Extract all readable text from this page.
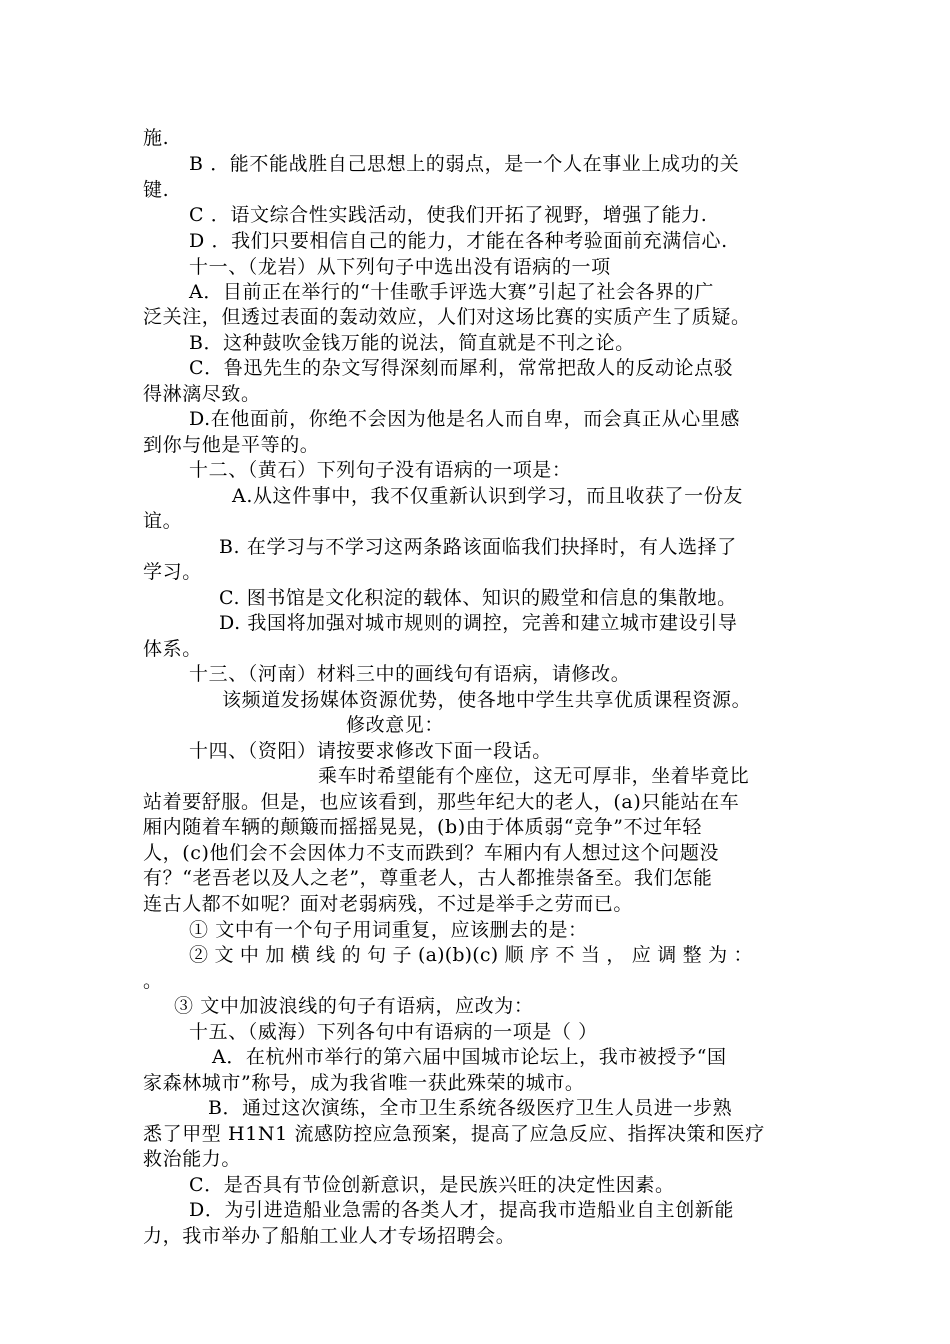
施.
B ．能不能战胜自己思想上的弱点，是一个人在事业上成功的关
键.
C ．语文综合性实践活动，使我们开拓了视野，增强了能力.
D ．我们只要相信自己的能力，才能在各种考验面前充满信心.
十一、（龙岩）从下列句子中选出没有语病的一项
A．目前正在举行的“十佳歌手评选大赛”引起了社会各界的广
泛关注，但透过表面的轰动效应，人们对这场比赛的实质产生了质疑。
B．这种鼓吹金钱万能的说法，简直就是不刊之论。
C．鲁迅先生的杂文写得深刻而犀利，常常把敌人的反动论点驳
得淋漓尽致。
D.在他面前，你绝不会因为他是名人而自卑，而会真正从心里感
到你与他是平等的。
十二、（黄石）下列句子没有语病的一项是：
A.从这件事中，我不仅重新认识到学习，而且收获了一份友
谊。
B. 在学习与不学习这两条路该面临我们抉择时，有人选择了
学习。
C. 图书馆是文化积淀的载体、知识的殿堂和信息的集散地。
D. 我国将加强对城市规则的调控，完善和建立城市建设引导
体系。
十三、（河南）材料三中的画线句有语病，请修改。
该频道发扬媒体资源优势，使各地中学生共享优质课程资源。
修改意见：
十四、（资阳）请按要求修改下面一段话。
乘车时希望能有个座位，这无可厚非，坐着毕竟比
站着要舒服。但是，也应该看到，那些年纪大的老人，(a)只能站在车
厢内随着车辆的颠簸而摇摇晃晃，(b)由于体质弱“竞争”不过年轻
人，(c)他们会不会因体力不支而跌到？车厢内有人想过这个问题没
有？“老吾老以及人之老”，尊重老人，古人都推崇备至。我们怎能
连古人都不如呢？面对老弱病残，不过是举手之劳而已。
① 文中有一个句子用词重复，应该删去的是：
② 文 中 加 横 线 的 句 子 (a)(b)(c) 顺 序 不 当 ， 应 调 整 为 ：
。
③ 文中加波浪线的句子有语病，应改为：
十五、（威海）下列各句中有语病的一项是（ ）
A．在杭州市举行的第六届中国城市论坛上，我市被授予“国
家森林城市”称号，成为我省唯一获此殊荣的城市。
B．通过这次演练，全市卫生系统各级医疗卫生人员进一步熟
悉了甲型 H1N1 流感防控应急预案，提高了应急反应、指挥决策和医疗
救治能力。
C．是否具有节俭创新意识，是民族兴旺的决定性因素。
D．为引进造船业急需的各类人才，提高我市造船业自主创新能
力，我市举办了船舶工业人才专场招聘会。
